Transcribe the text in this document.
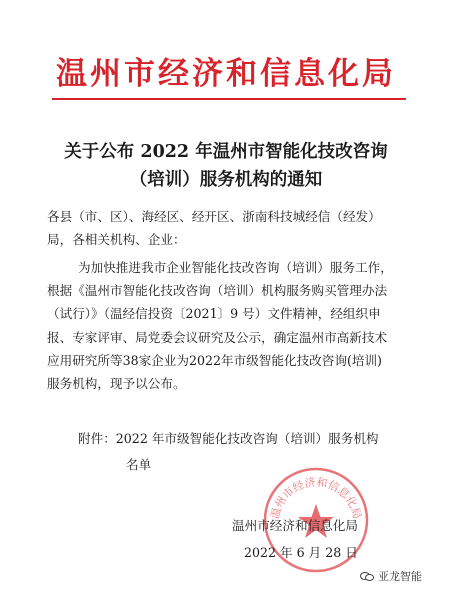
温州市经济和信息化局
关于公布 2022 年温州市智能化技改咨询
（培训）服务机构的通知
各县（市、区）、海经区、经开区、浙南科技城经信（经发）
局，各相关机构、企业：
为加快推进我市企业智能化技改咨询（培训）服务工作，
根据《温州市智能化技改咨询（培训）机构服务购买管理办法
（试行）》（温经信投资〔2021〕9 号）文件精神，经组织申
报、专家评审、局党委会议研究及公示，确定温州市高新技术
应用研究所等38家企业为2022年市级智能化技改咨询(培训)
服务机构，现予以公布。
附件：2022 年市级智能化技改咨询（培训）服务机构
名单
温州市经济和信息化局
温州市经济和信息化局
2022 年 6 月 28 日
亚龙智能
